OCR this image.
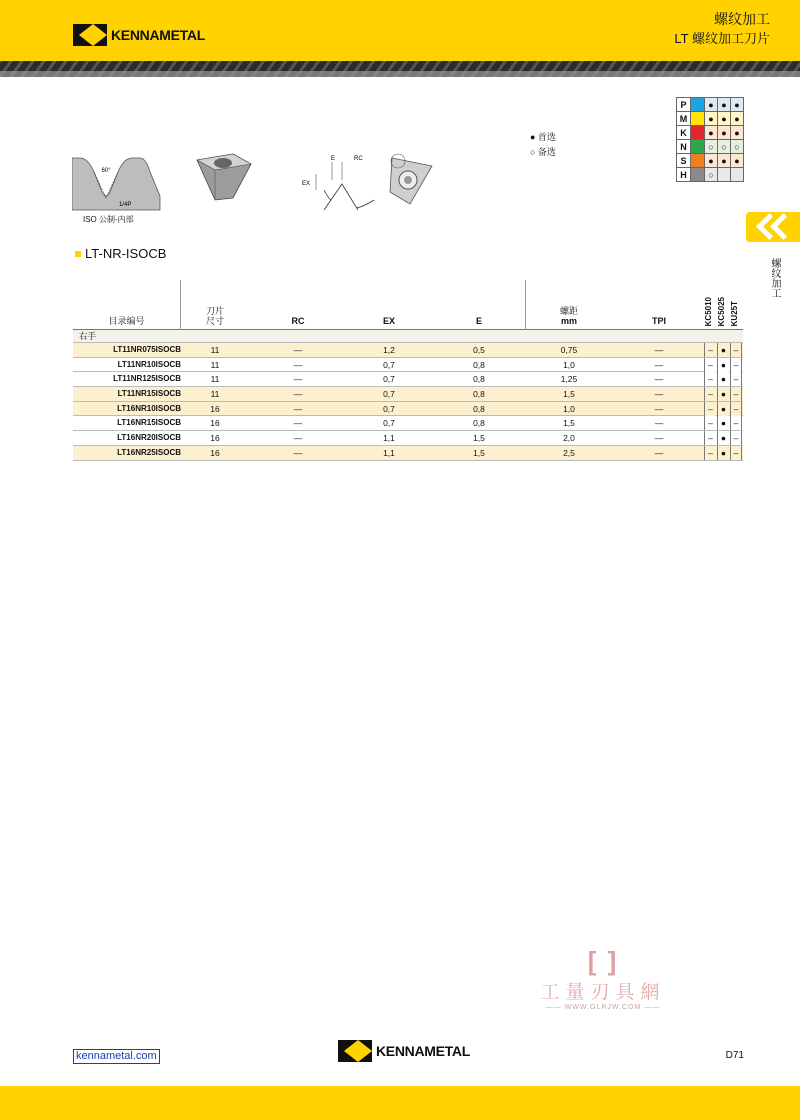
KENNAMETAL
螺纹加工
LT 螺纹加工刀片
P		●	●	●
M		●	●	●
K		●	●	●
N		○	○	○
S		●	●	●
H		○		
● 首选
○ 备选
60°
1/4P
ISO 公制-内部
E	RC
EX
螺纹加工
LT-NR-ISOCB
目录编号
刀片
尺寸	RC	EX	E
螺距
mm	TPI	KC5010 KC5025 KU25T
右手
LT11NR075ISOCB	11	—	1,2	0,5	0,75	—	– ● –
LT11NR10ISOCB	11	—	0,7	0,8	1,0	—	– ● –
LT11NR125ISOCB	11	—	0,7	0,8	1,25	—	– ● –
LT11NR15ISOCB	11	—	0,7	0,8	1,5	—	– ● –
LT16NR10ISOCB	16	—	0,7	0,8	1,0	—	– ● –
LT16NR15ISOCB	16	—	0,7	0,8	1,5	—	– ● –
LT16NR20ISOCB	16	—	1,1	1,5	2,0	—	– ● –
LT16NR25ISOCB	16	—	1,1	1,5	2,5	—	– ● –
[ ]
工量刃具網
—— WWW.GLRJW.COM ——
kennametal.com	KENNAMETAL	D71
